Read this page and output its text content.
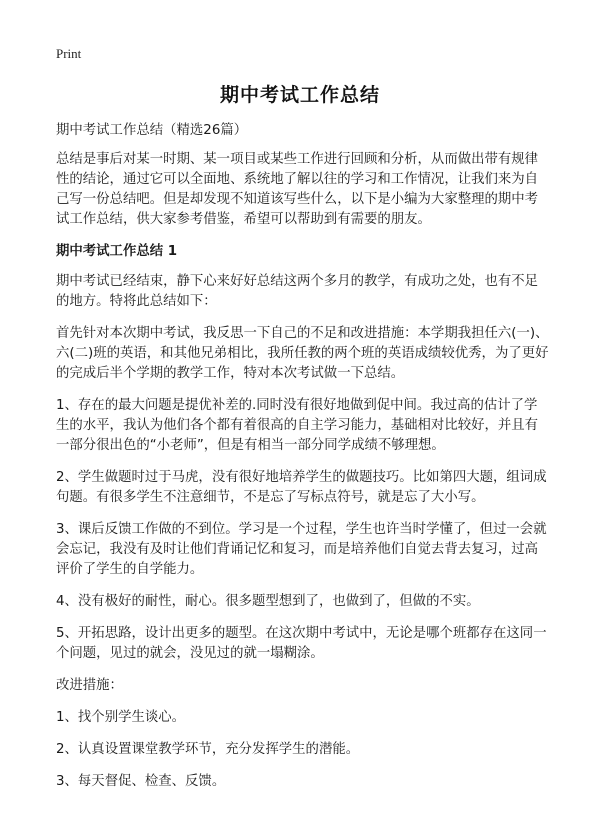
Print
期中考试工作总结

期中考试工作总结（精选26篇）

总结是事后对某一时期、某一项目或某些工作进行回顾和分析，从而做出带有规律性的结论，通过它可以全面地、系统地了解以往的学习和工作情况，让我们来为自己写一份总结吧。但是却发现不知道该写些什么，以下是小编为大家整理的期中考试工作总结，供大家参考借鉴，希望可以帮助到有需要的朋友。

期中考试工作总结 1

期中考试已经结束，静下心来好好总结这两个多月的教学，有成功之处，也有不足的地方。特将此总结如下：

首先针对本次期中考试，我反思一下自己的不足和改进措施：本学期我担任六(一)、六(二)班的英语，和其他兄弟相比，我所任教的两个班的英语成绩较优秀，为了更好的完成后半个学期的教学工作，特对本次考试做一下总结。

1、存在的最大问题是提优补差的.同时没有很好地做到促中间。我过高的估计了学生的水平，我认为他们各个都有着很高的自主学习能力，基础相对比较好，并且有一部分很出色的“小老师”，但是有相当一部分同学成绩不够理想。

2、学生做题时过于马虎，没有很好地培养学生的做题技巧。比如第四大题，组词成句题。有很多学生不注意细节，不是忘了写标点符号，就是忘了大小写。

3、课后反馈工作做的不到位。学习是一个过程，学生也许当时学懂了，但过一会就会忘记，我没有及时让他们背诵记忆和复习，而是培养他们自觉去背去复习，过高评价了学生的自学能力。

4、没有极好的耐性，耐心。很多题型想到了，也做到了，但做的不实。

5、开拓思路，设计出更多的题型。在这次期中考试中，无论是哪个班都存在这同一个问题，见过的就会，没见过的就一塌糊涂。

改进措施：

1、找个别学生谈心。

2、认真设置课堂教学环节，充分发挥学生的潜能。

3、每天督促、检查、反馈。
